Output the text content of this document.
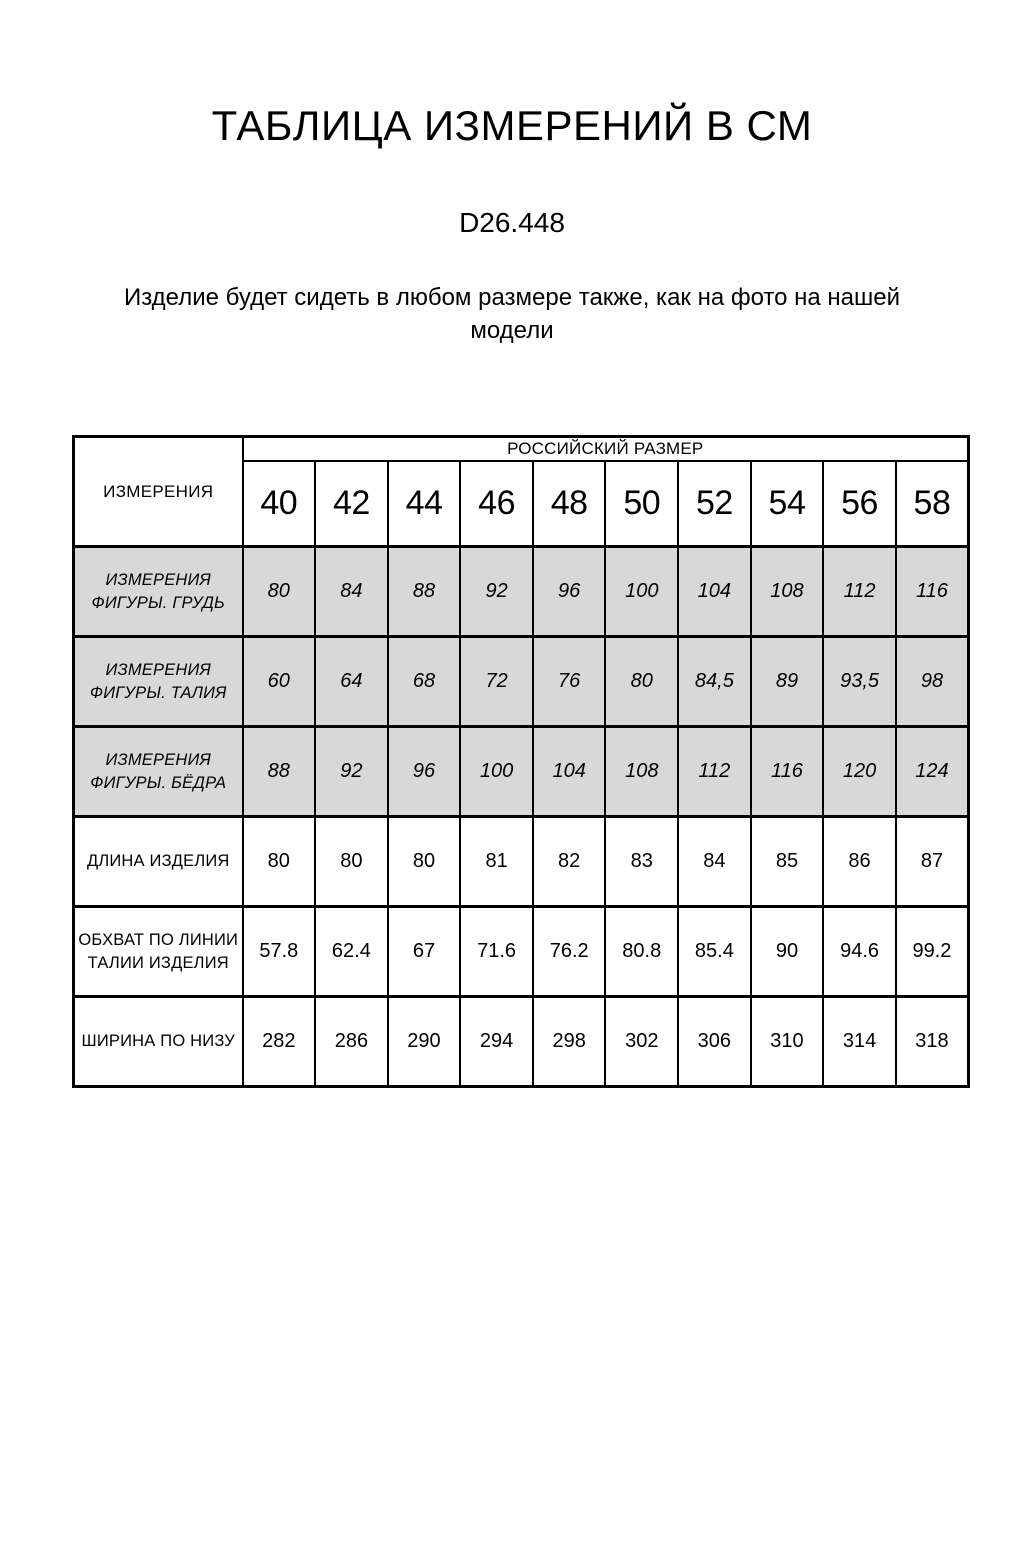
ТАБЛИЦА ИЗМЕРЕНИЙ В СМ
D26.448

Изделие будет сидеть в любом размере также, как на фото на нашей модели

ИЗМЕРЕНИЯ	РОССИЙСКИЙ РАЗМЕР									
	40	42	44	46	48	50	52	54	56	58
ИЗМЕРЕНИЯ ФИГУРЫ. ГРУДЬ	80	84	88	92	96	100	104	108	112	116
ИЗМЕРЕНИЯ ФИГУРЫ. ТАЛИЯ	60	64	68	72	76	80	84,5	89	93,5	98
ИЗМЕРЕНИЯ ФИГУРЫ. БЁДРА	88	92	96	100	104	108	112	116	120	124
ДЛИНА ИЗДЕЛИЯ	80	80	80	81	82	83	84	85	86	87
ОБХВАТ ПО ЛИНИИ ТАЛИИ ИЗДЕЛИЯ	57.8	62.4	67	71.6	76.2	80.8	85.4	90	94.6	99.2
ШИРИНА ПО НИЗУ	282	286	290	294	298	302	306	310	314	318
